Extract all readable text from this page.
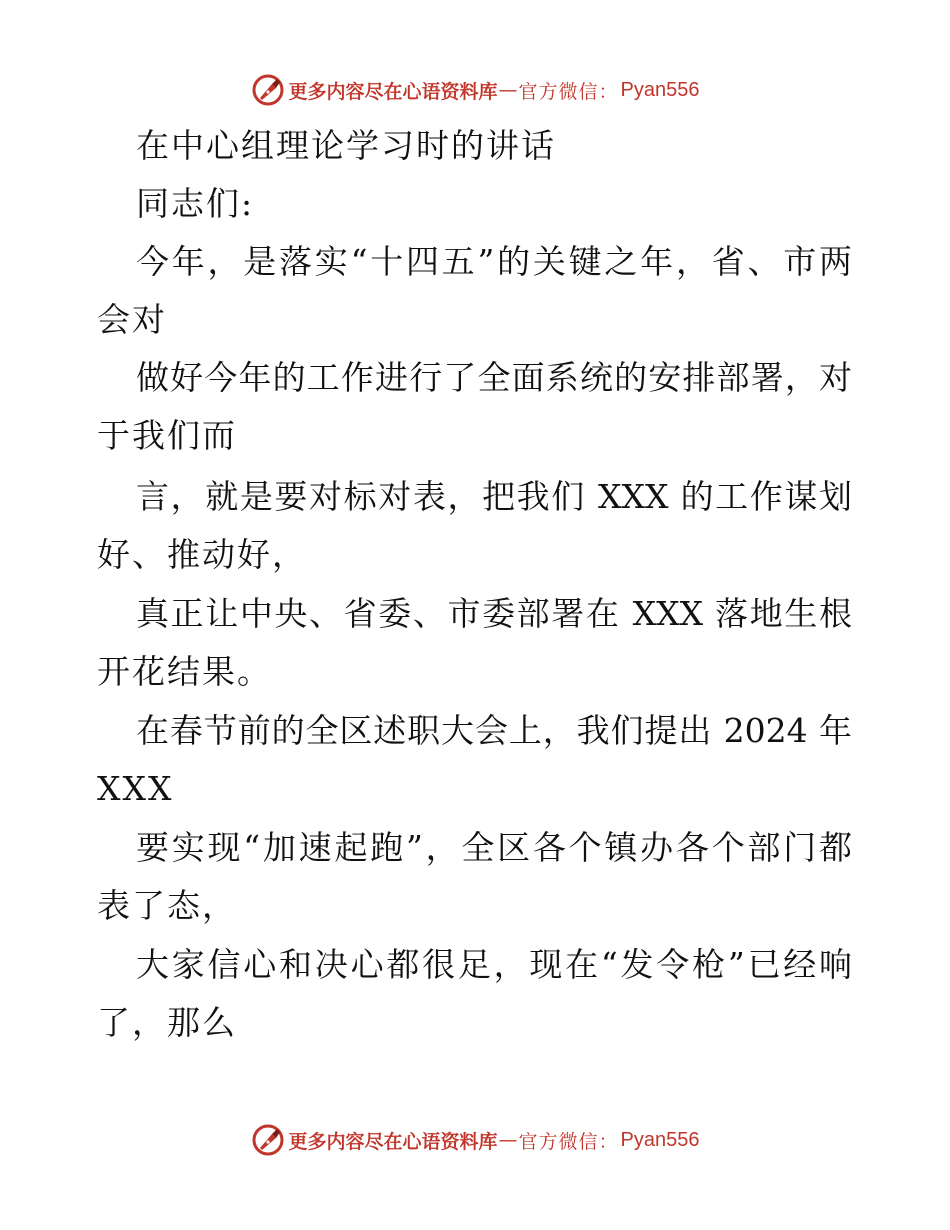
更多内容尽在心语资料库 — 官方微信： Pyan556

在中心组理论学习时的讲话

同志们:

今年，是落实“十四五”的关键之年，省、市两

会对

做好今年的工作进行了全面系统的安排部署，对

于我们而

言，就是要对标对表，把我们 XXX 的工作谋划

好、推动好，

真正让中央、省委、市委部署在 XXX 落地生根

开花结果。

在春节前的全区述职大会上，我们提出 2024 年

XXX

要实现“加速起跑”，全区各个镇办各个部门都

表了态，

大家信心和决心都很足，现在“发令枪”已经响

了，那么

更多内容尽在心语资料库 — 官方微信： Pyan556
